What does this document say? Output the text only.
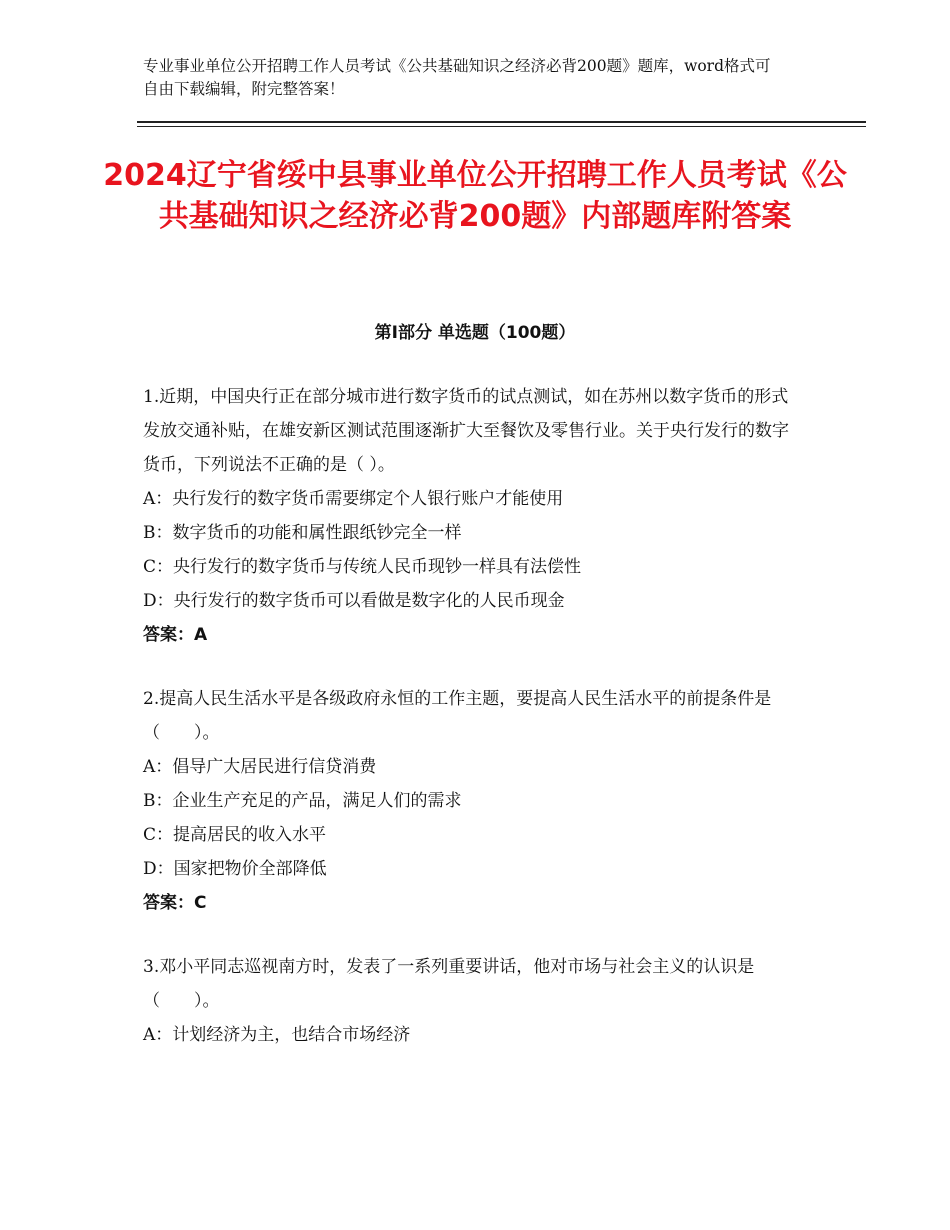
专业事业单位公开招聘工作人员考试《公共基础知识之经济必背200题》题库，word格式可自由下载编辑，附完整答案！
2024辽宁省绥中县事业单位公开招聘工作人员考试《公共基础知识之经济必背200题》内部题库附答案
第Ⅰ部分 单选题（100题）
1.近期，中国央行正在部分城市进行数字货币的试点测试，如在苏州以数字货币的形式发放交通补贴，在雄安新区测试范围逐渐扩大至餐饮及零售行业。关于央行发行的数字货币，下列说法不正确的是（ ）。
A：央行发行的数字货币需要绑定个人银行账户才能使用
B：数字货币的功能和属性跟纸钞完全一样
C：央行发行的数字货币与传统人民币现钞一样具有法偿性
D：央行发行的数字货币可以看做是数字化的人民币现金
答案：A
2.提高人民生活水平是各级政府永恒的工作主题，要提高人民生活水平的前提条件是（　　）。
A：倡导广大居民进行信贷消费
B：企业生产充足的产品，满足人们的需求
C：提高居民的收入水平
D：国家把物价全部降低
答案：C
3.邓小平同志巡视南方时，发表了一系列重要讲话，他对市场与社会主义的认识是（　　）。
A：计划经济为主，也结合市场经济
